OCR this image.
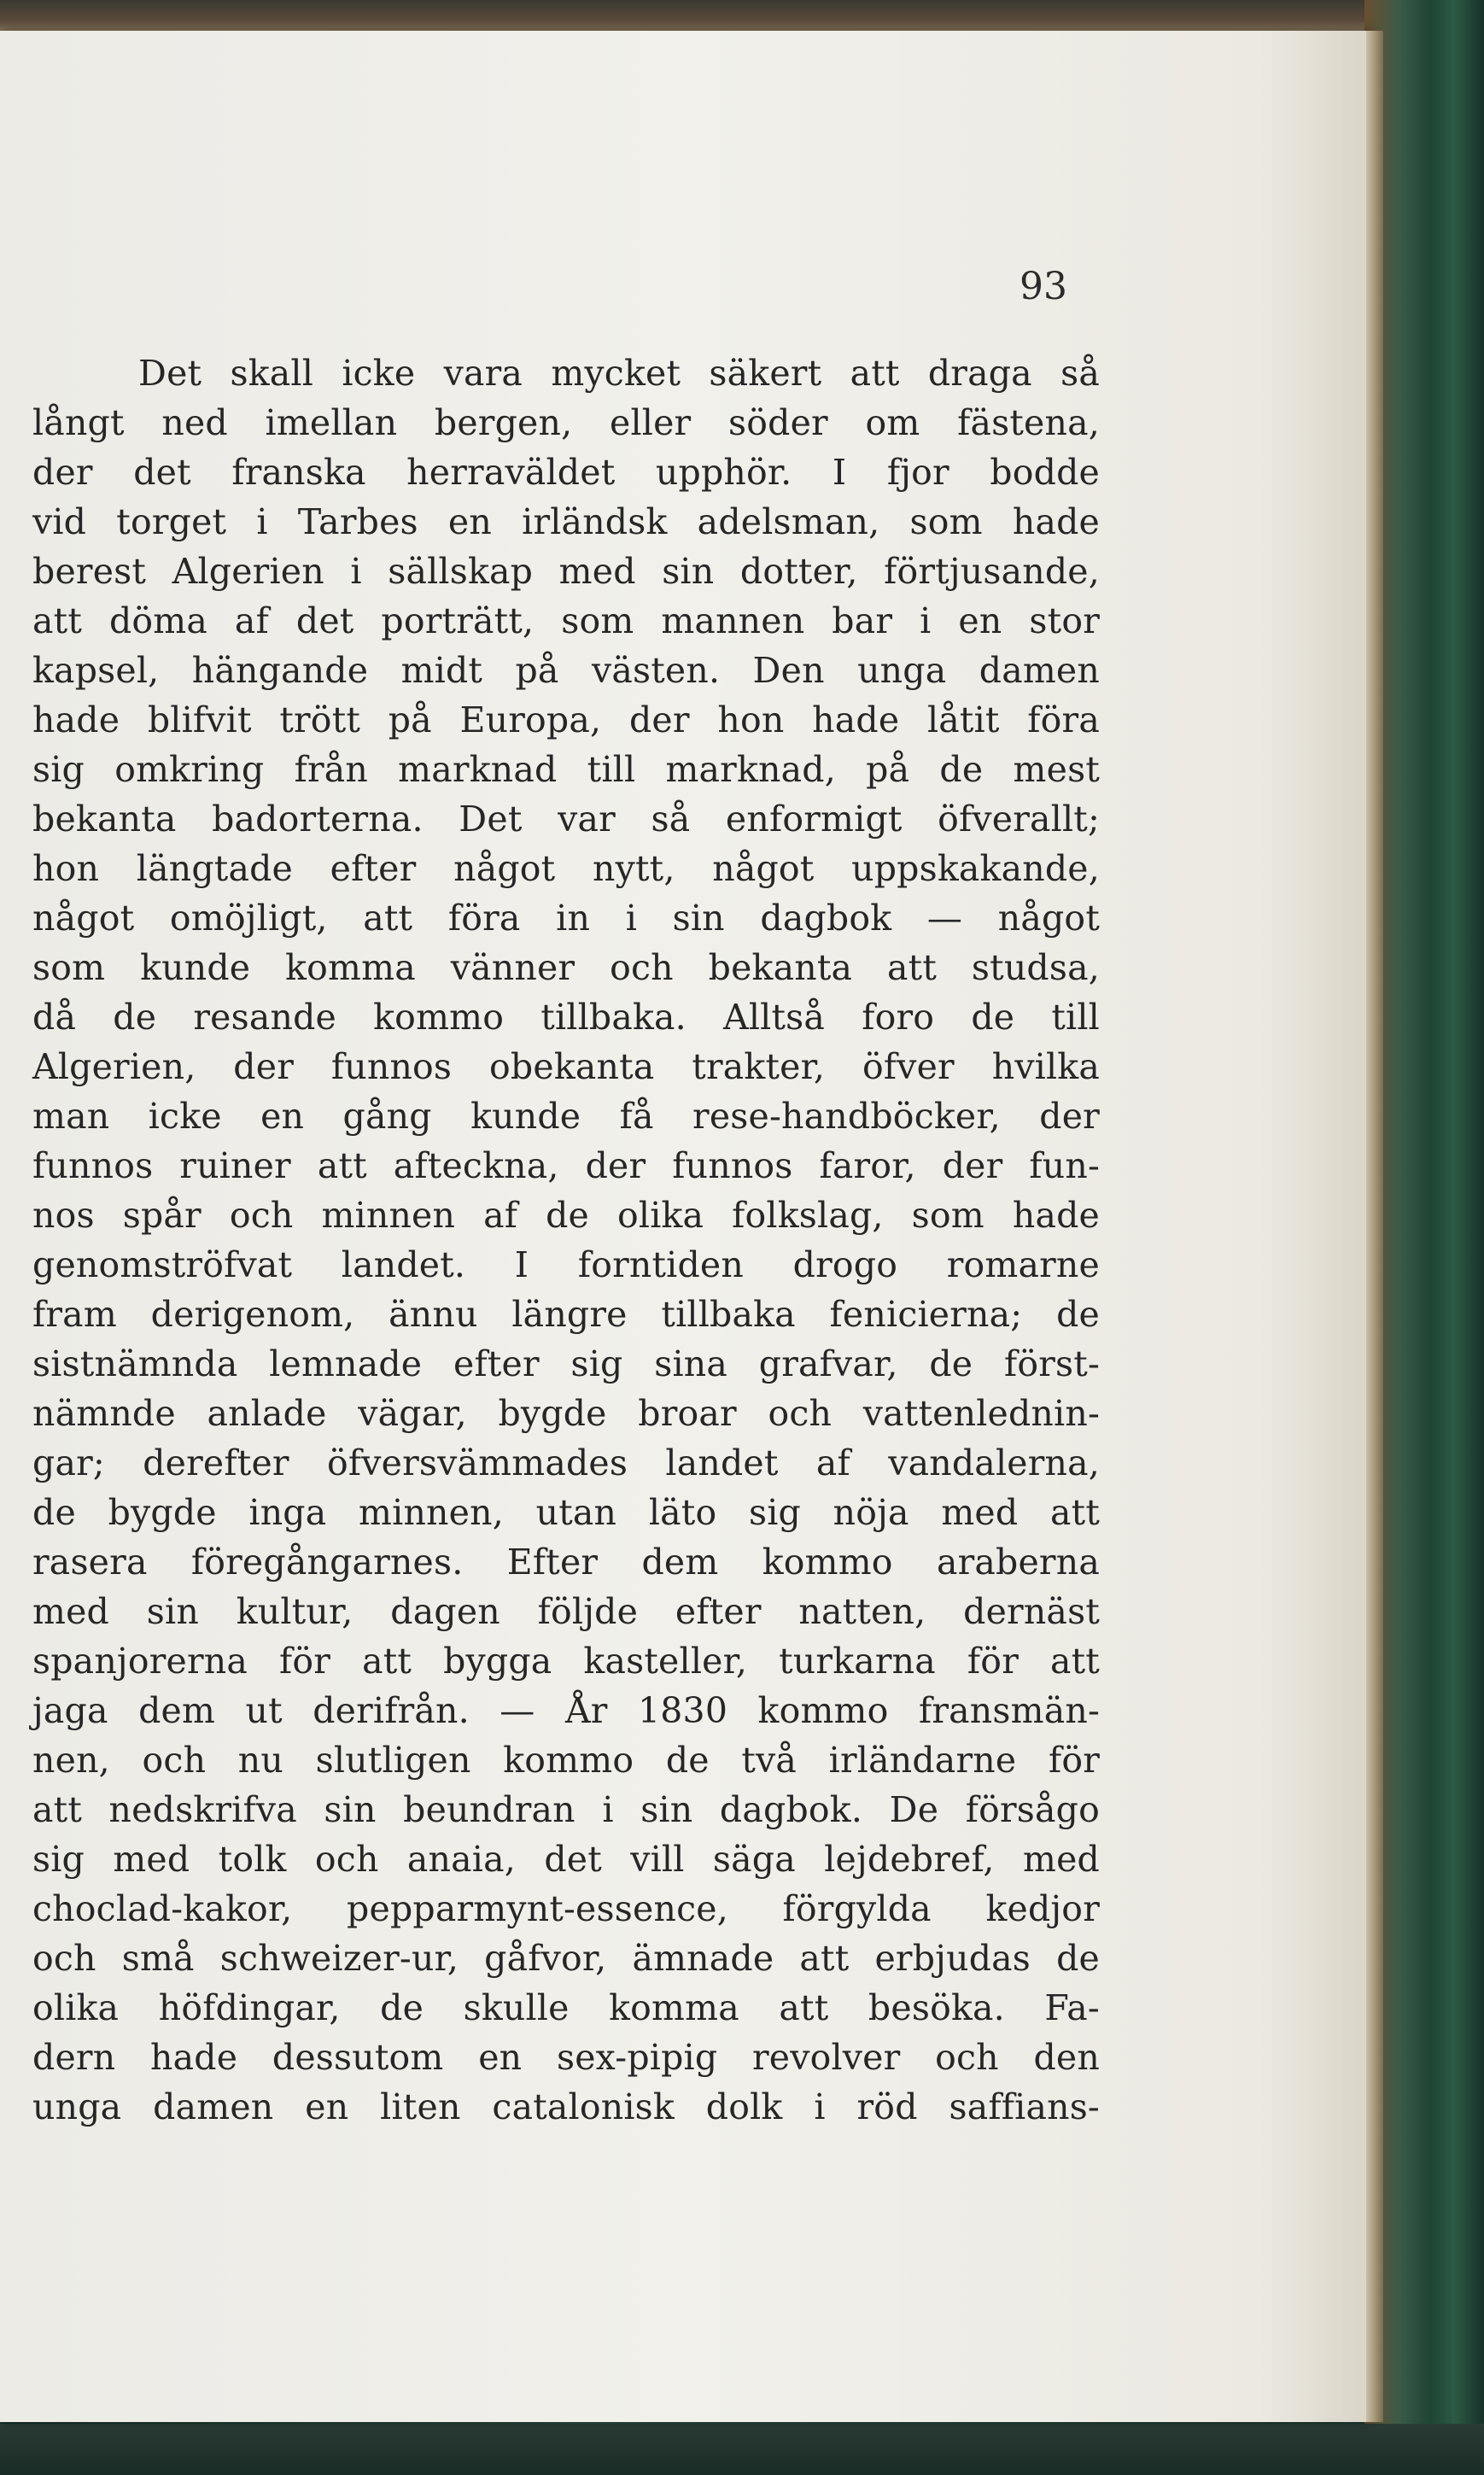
93
Det skall icke vara mycket säkert att draga så
långt ned imellan bergen, eller söder om fästena,
der det franska herraväldet upphör. I fjor bodde
vid torget i Tarbes en irländsk adelsman, som hade
berest Algerien i sällskap med sin dotter, förtjusande,
att döma af det porträtt, som mannen bar i en stor
kapsel, hängande midt på västen. Den unga damen
hade blifvit trött på Europa, der hon hade låtit föra
sig omkring från marknad till marknad, på de mest
bekanta badorterna. Det var så enformigt öfverallt;
hon längtade efter något nytt, något uppskakande,
något omöjligt, att föra in i sin dagbok — något
som kunde komma vänner och bekanta att studsa,
då de resande kommo tillbaka. Alltså foro de till
Algerien, der funnos obekanta trakter, öfver hvilka
man icke en gång kunde få rese-handböcker, der
funnos ruiner att afteckna, der funnos faror, der fun-
nos spår och minnen af de olika folkslag, som hade
genomströfvat landet. I forntiden drogo romarne
fram derigenom, ännu längre tillbaka fenicierna; de
sistnämnda lemnade efter sig sina grafvar, de först-
nämnde anlade vägar, bygde broar och vattenlednin-
gar; derefter öfversvämmades landet af vandalerna,
de bygde inga minnen, utan läto sig nöja med att
rasera föregångarnes. Efter dem kommo araberna
med sin kultur, dagen följde efter natten, dernäst
spanjorerna för att bygga kasteller, turkarna för att
jaga dem ut derifrån. — År 1830 kommo fransmän-
nen, och nu slutligen kommo de två irländarne för
att nedskrifva sin beundran i sin dagbok. De försågo
sig med tolk och anaia, det vill säga lejdebref, med
choclad-kakor, pepparmynt-essence, förgylda kedjor
och små schweizer-ur, gåfvor, ämnade att erbjudas de
olika höfdingar, de skulle komma att besöka. Fa-
dern hade dessutom en sex-pipig revolver och den
unga damen en liten catalonisk dolk i röd saffians-
